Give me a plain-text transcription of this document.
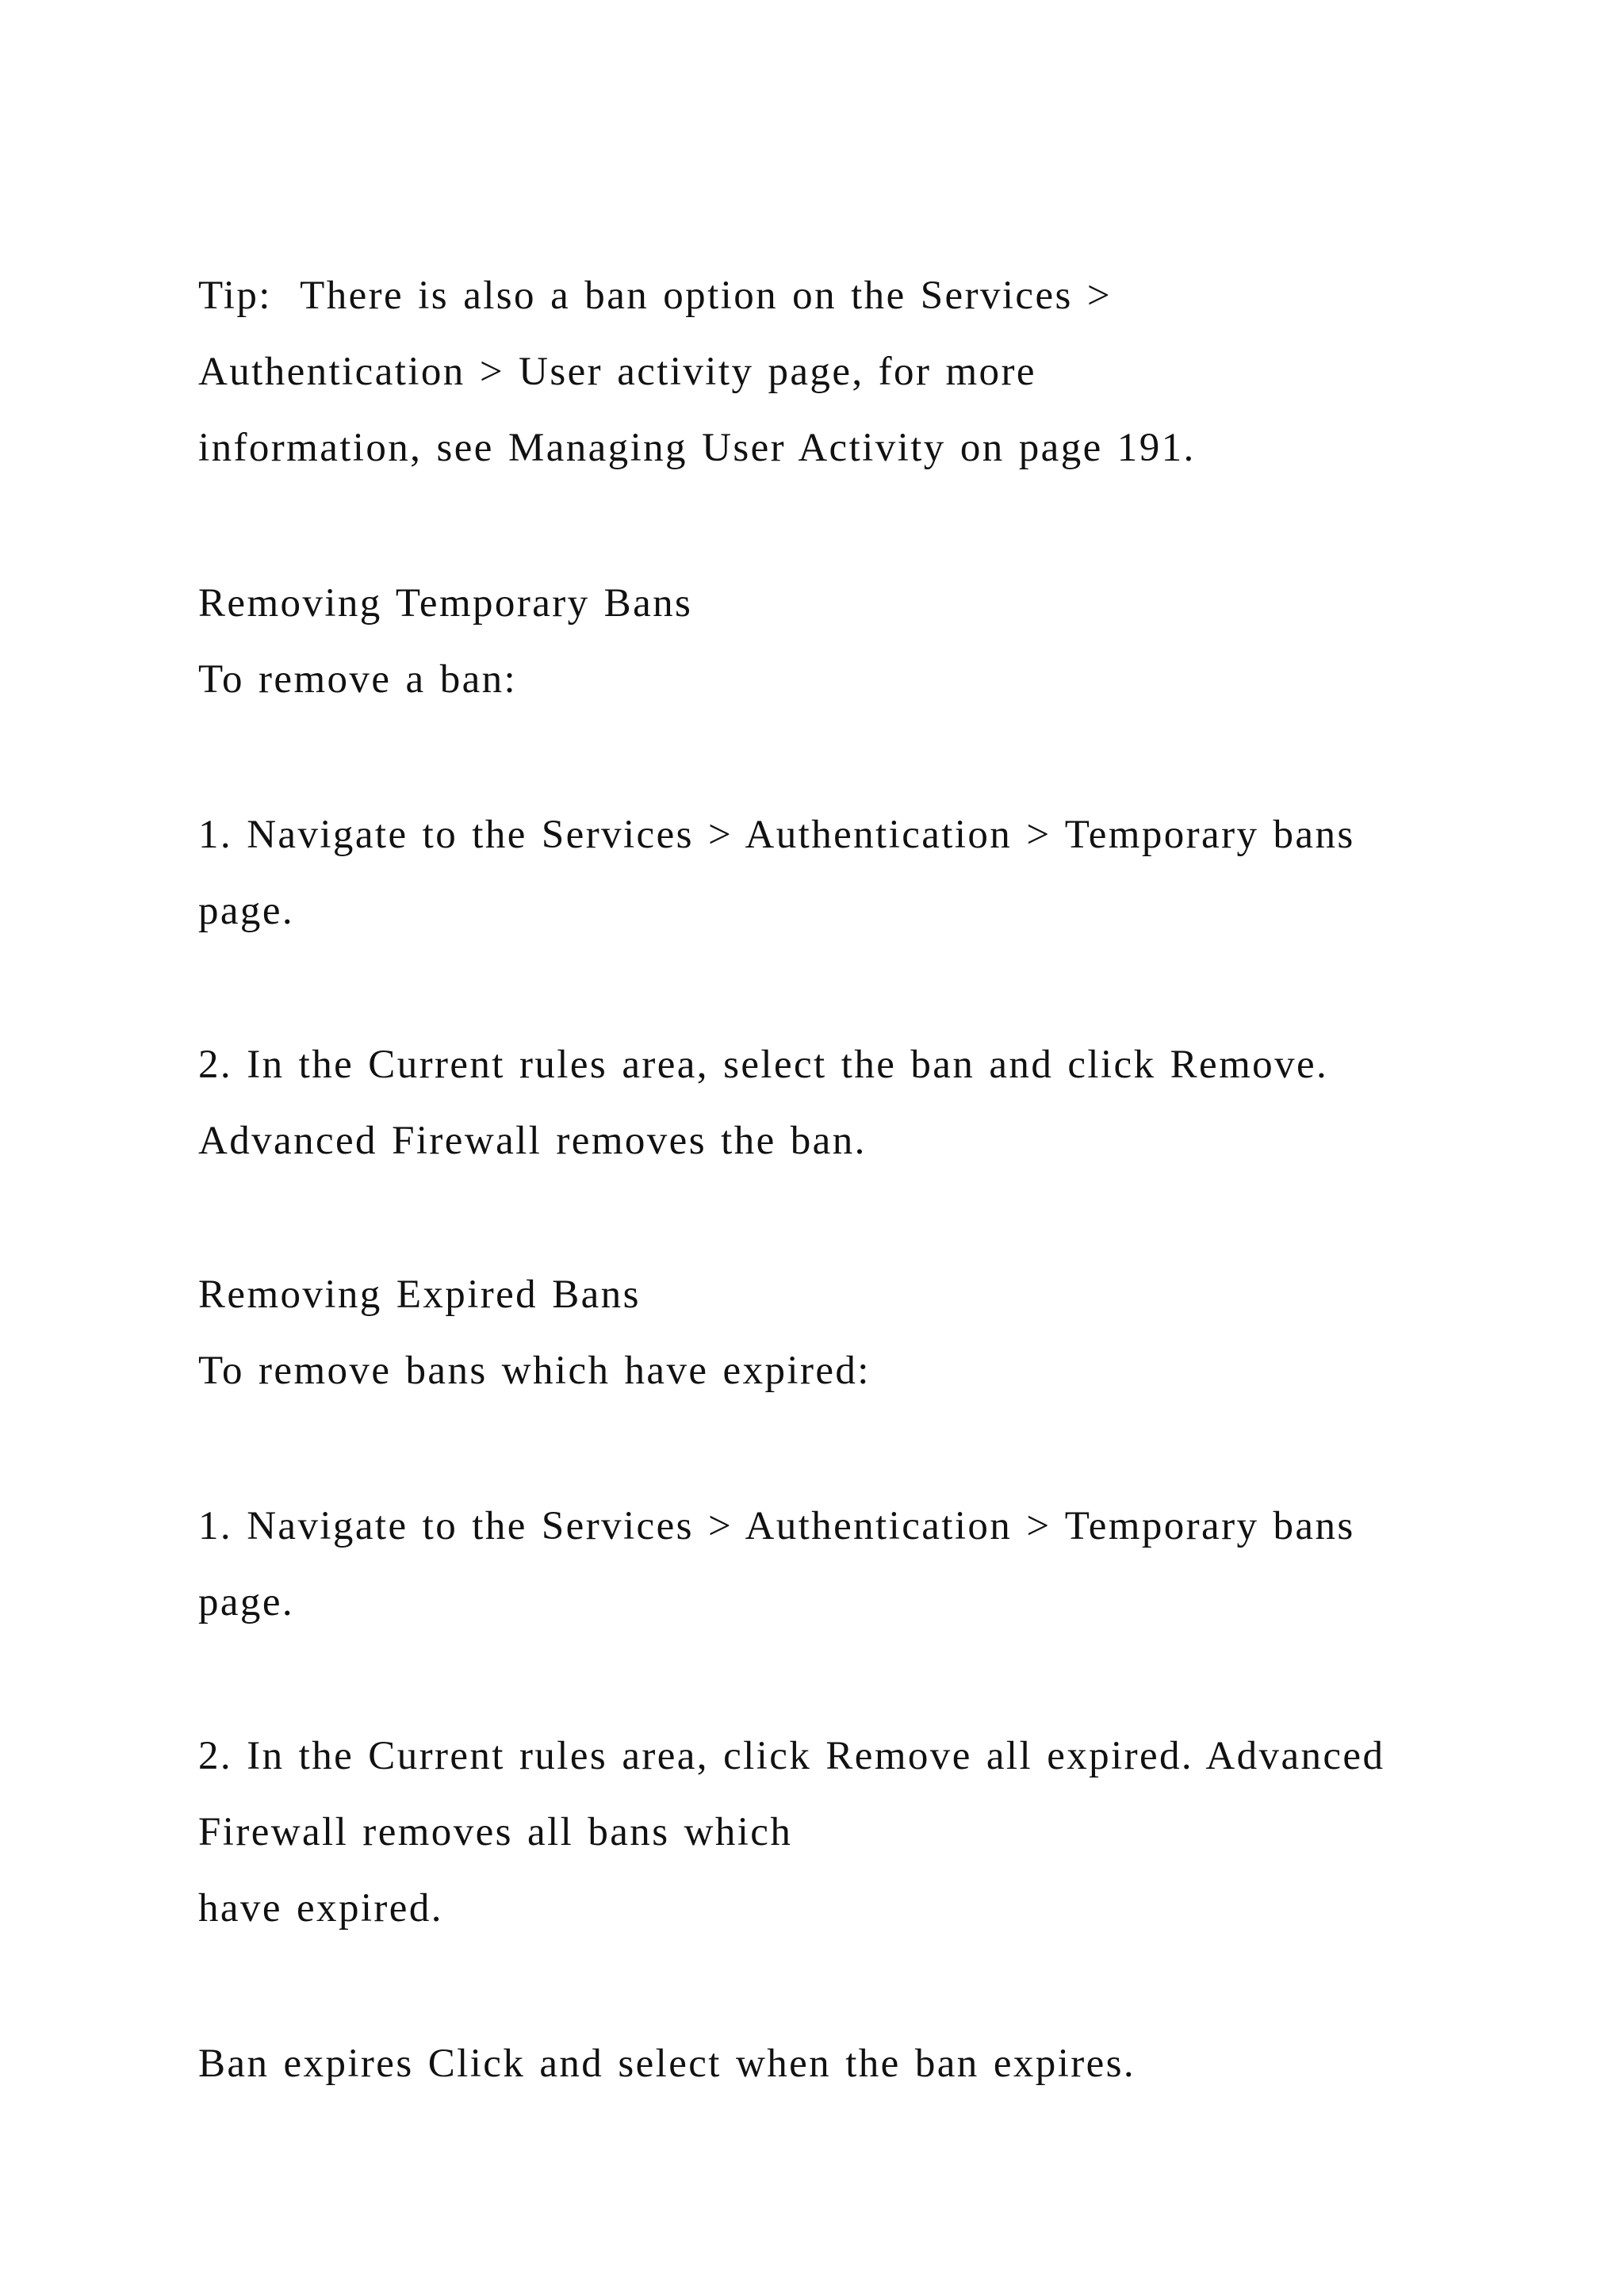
Tip:  There is also a ban option on the Services >

Authentication > User activity page, for more

information, see Managing User Activity on page 191.

Removing Temporary Bans

To remove a ban:

1. Navigate to the Services > Authentication > Temporary bans

page.

2. In the Current rules area, select the ban and click Remove.

Advanced Firewall removes the ban.

Removing Expired Bans

To remove bans which have expired:

1. Navigate to the Services > Authentication > Temporary bans

page.

2. In the Current rules area, click Remove all expired. Advanced

Firewall removes all bans which

have expired.

Ban expires Click and select when the ban expires.
